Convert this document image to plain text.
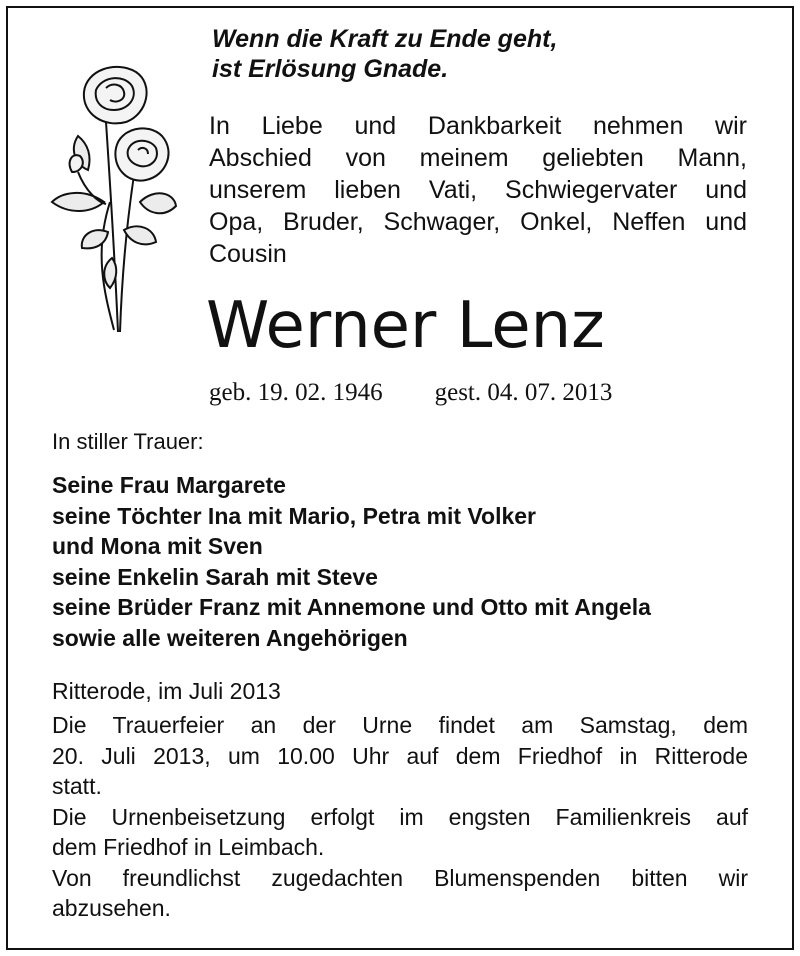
Wenn die Kraft zu Ende geht,
ist Erlösung Gnade.
In Liebe und Dankbarkeit nehmen wir
Abschied von meinem geliebten Mann,
unserem lieben Vati, Schwiegervater und
Opa, Bruder, Schwager, Onkel, Neffen und
Cousin
Werner Lenz
geb. 19. 02. 1946 gest. 04. 07. 2013
In stiller Trauer:
Seine Frau Margarete
seine Töchter Ina mit Mario, Petra mit Volker
und Mona mit Sven
seine Enkelin Sarah mit Steve
seine Brüder Franz mit Annemone und Otto mit Angela
sowie alle weiteren Angehörigen
Ritterode, im Juli 2013
Die Trauerfeier an der Urne findet am Samstag, dem
20. Juli 2013, um 10.00 Uhr auf dem Friedhof in Ritterode
statt.
Die Urnenbeisetzung erfolgt im engsten Familienkreis auf
dem Friedhof in Leimbach.
Von freundlichst zugedachten Blumenspenden bitten wir
abzusehen.
